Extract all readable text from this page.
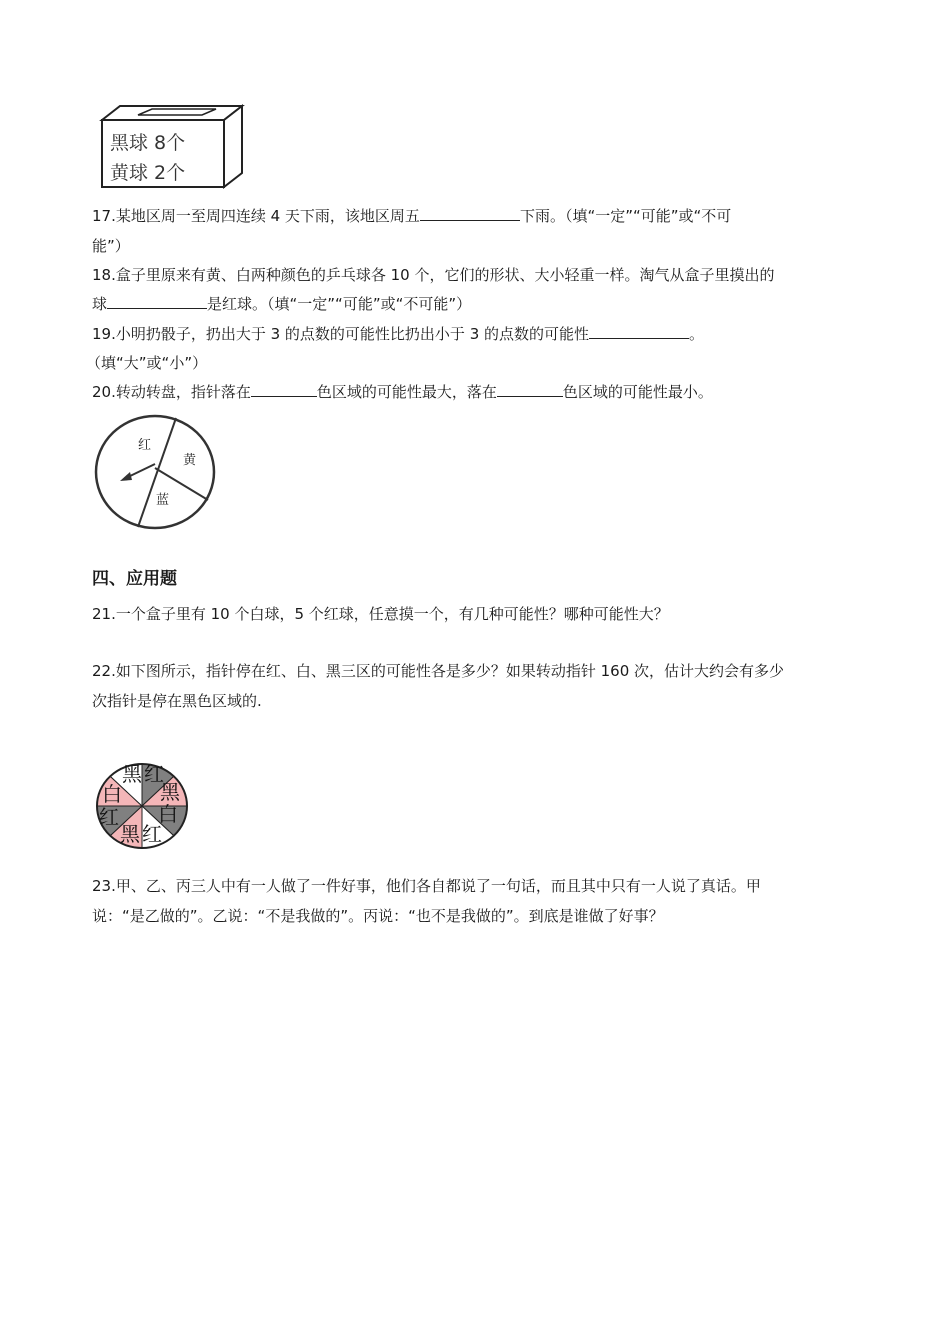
黑球 8个
黄球 2个
17.某地区周一至周四连续 4 天下雨，该地区周五	下雨。（填“一定”“可能”或“不可
能”）
18.盒子里原来有黄、白两种颜色的乒乓球各 10 个，它们的形状、大小轻重一样。淘气从盒子里摸出的
球	是红球。（填“一定”“可能”或“不可能”）
19.小明扔骰子，扔出大于 3 的点数的可能性比扔出小于 3 的点数的可能性	。
（填“大”或“小”）
20.转动转盘，指针落在	色区域的可能性最大，落在	色区域的可能性最小。
红
黄
蓝
四、应用题
21.一个盒子里有 10 个白球，5 个红球，任意摸一个，有几种可能性？哪种可能性大？
22.如下图所示，指针停在红、白、黑三区的可能性各是多少？如果转动指针 160 次，估计大约会有多少
次指针是停在黑色区域的.
黑 红
黑
白
红
黑 红
白
23.甲、乙、丙三人中有一人做了一件好事，他们各自都说了一句话，而且其中只有一人说了真话。甲
说：“是乙做的”。乙说：“不是我做的”。丙说：“也不是我做的”。到底是谁做了好事？
